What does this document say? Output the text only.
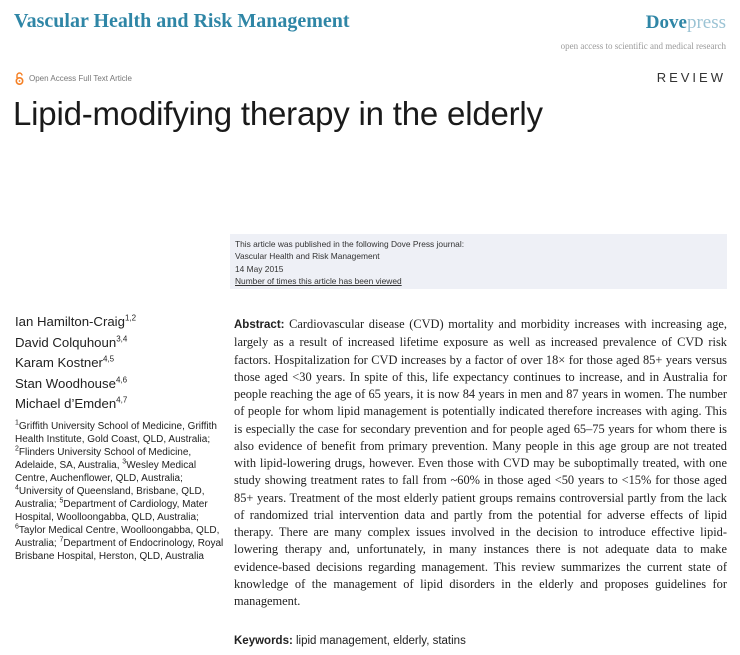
Vascular Health and Risk Management	Dovepress
open access to scientific and medical research
Open Access Full Text Article	REVIEW
Lipid-modifying therapy in the elderly
This article was published in the following Dove Press journal:
Vascular Health and Risk Management
14 May 2015
Number of times this article has been viewed
Ian Hamilton-Craig$^{1,2}$
David Colquhoun$^{3,4}$
Karam Kostner$^{4,5}$
Stan Woodhouse$^{4,6}$
Michael d’Emden$^{4,7}$

$^1$Griffith University School of Medicine, Griffith Health Institute, Gold Coast, QLD, Australia; $^2$Flinders University School of Medicine, Adelaide, SA, Australia, $^3$Wesley Medical Centre, Auchenflower, QLD, Australia; $^4$University of Queensland, Brisbane, QLD, Australia; $^5$Department of Cardiology, Mater Hospital, Woolloongabba, QLD, Australia; $^6$Taylor Medical Centre, Woolloongabba, QLD, Australia; $^7$Department of Endocrinology, Royal Brisbane Hospital, Herston, QLD, Australia

Abstract: Cardiovascular disease (CVD) mortality and morbidity increases with increasing age, largely as a result of increased lifetime exposure as well as increased prevalence of CVD risk factors. Hospitalization for CVD increases by a factor of over 18× for those aged 85+ years versus those aged <30 years. In spite of this, life expectancy continues to increase, and in Australia for people reaching the age of 65 years, it is now 84 years in men and 87 years in women. The number of people for whom lipid management is potentially indicated therefore increases with aging. This is especially the case for secondary prevention and for people aged 65–75 years for whom there is also evidence of benefit from primary prevention. Many people in this age group are not treated with lipid-lowering drugs, however. Even those with CVD may be suboptimally treated, with one study showing treatment rates to fall from ~60% in those aged <50 years to <15% for those aged 85+ years. Treatment of the most elderly patient groups remains controversial partly from the lack of randomized trial intervention data and partly from the potential for adverse effects of lipid therapy. There are many complex issues involved in the decision to introduce effective lipid-lowering therapy and, unfortunately, in many instances there is not adequate data to make evidence-based decisions regarding management. This review summarizes the current state of knowledge of the management of lipid disorders in the elderly and proposes guidelines for management.

Keywords: lipid management, elderly, statins
